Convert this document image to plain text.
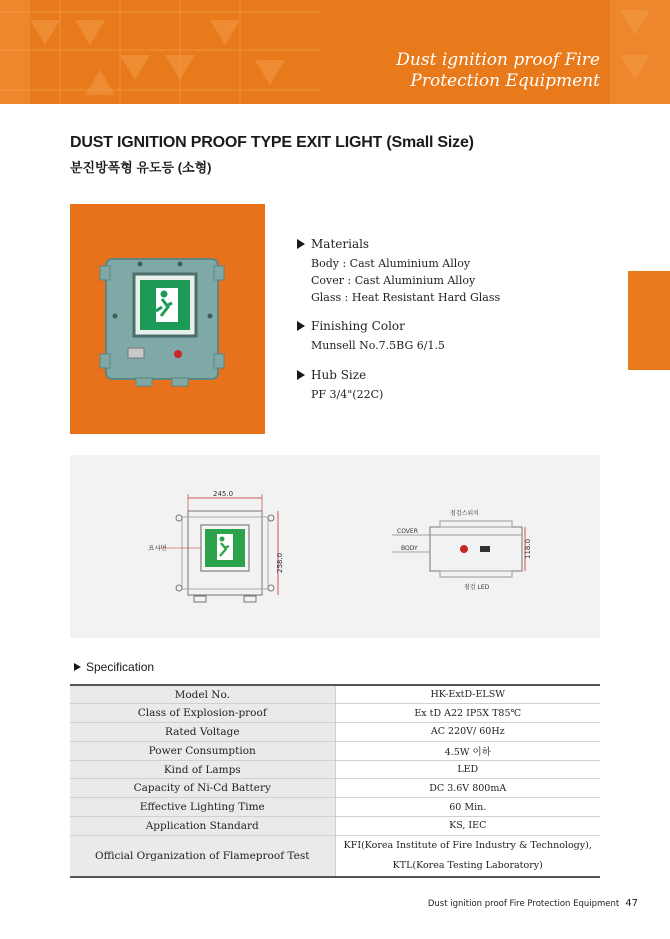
Dust ignition proof Fire
Protection Equipment
DUST IGNITION PROOF TYPE EXIT LIGHT (Small Size)
분진방폭형 유도등 (소형)
Materials
Body : Cast Aluminium Alloy
Cover : Cast Aluminium Alloy
Glass : Heat Resistant Hard Glass
Finishing Color
Munsell No.7.5BG 6/1.5
Hub Size
PF 3/4"(22C)
245.0
표시면
258.0
COVER
BODY
점검스위치
점검 LED
118.0
Specification
Model No.	HK-ExtD-ELSW
Class of Explosion-proof	Ex tD A22 IP5X T85℃
Rated Voltage	AC 220V/ 60Hz
Power Consumption	4.5W 이하
Kind of Lamps	LED
Capacity of Ni-Cd Battery	DC 3.6V 800mA
Effective Lighting Time	60 Min.
Application Standard	KS, IEC
Official Organization of Flameproof Test	KFI(Korea Institute of Fire Industry & Technology),
KTL(Korea Testing Laboratory)
Dust ignition proof Fire Protection Equipment 47
